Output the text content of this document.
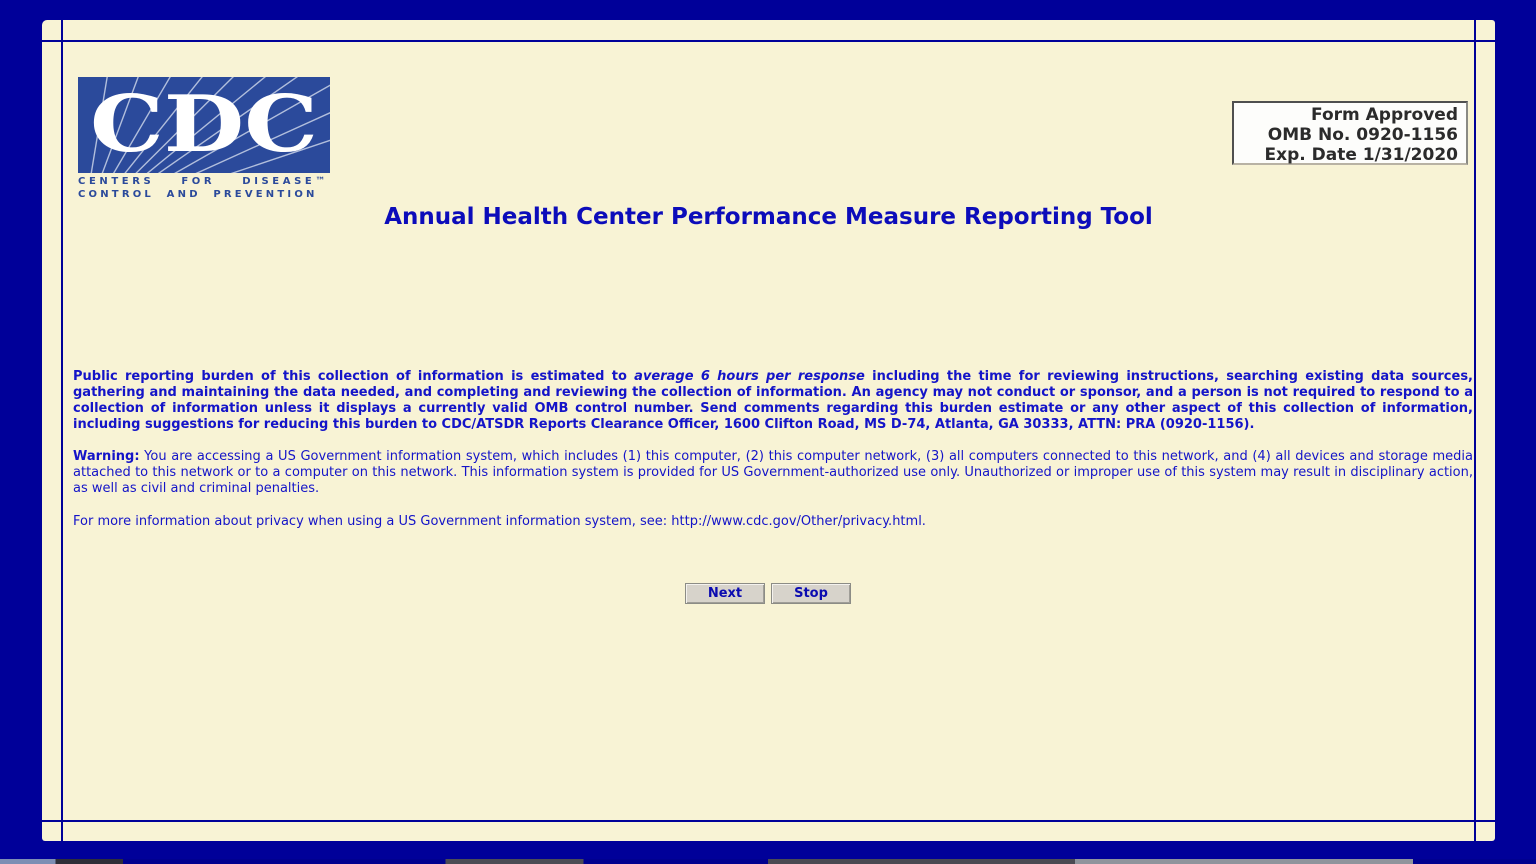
CDC
CENTERS FOR DISEASE™
CONTROL AND PREVENTION
Form Approved
OMB No. 0920-1156
Exp. Date 1/31/2020
Annual Health Center Performance Measure Reporting Tool
Public reporting burden of this collection of information is estimated to average 6 hours per response including the time for reviewing instructions, searching existing data sources, gathering and maintaining the data needed, and completing and reviewing the collection of information. An agency may not conduct or sponsor, and a person is not required to respond to a collection of information unless it displays a currently valid OMB control number. Send comments regarding this burden estimate or any other aspect of this collection of information, including suggestions for reducing this burden to CDC/ATSDR Reports Clearance Officer, 1600 Clifton Road, MS D-74, Atlanta, GA 30333, ATTN: PRA (0920-1156).
Warning: You are accessing a US Government information system, which includes (1) this computer, (2) this computer network, (3) all computers connected to this network, and (4) all devices and storage media attached to this network or to a computer on this network. This information system is provided for US Government-authorized use only. Unauthorized or improper use of this system may result in disciplinary action, as well as civil and criminal penalties.
For more information about privacy when using a US Government information system, see: http://www.cdc.gov/Other/privacy.html.
Next	Stop
